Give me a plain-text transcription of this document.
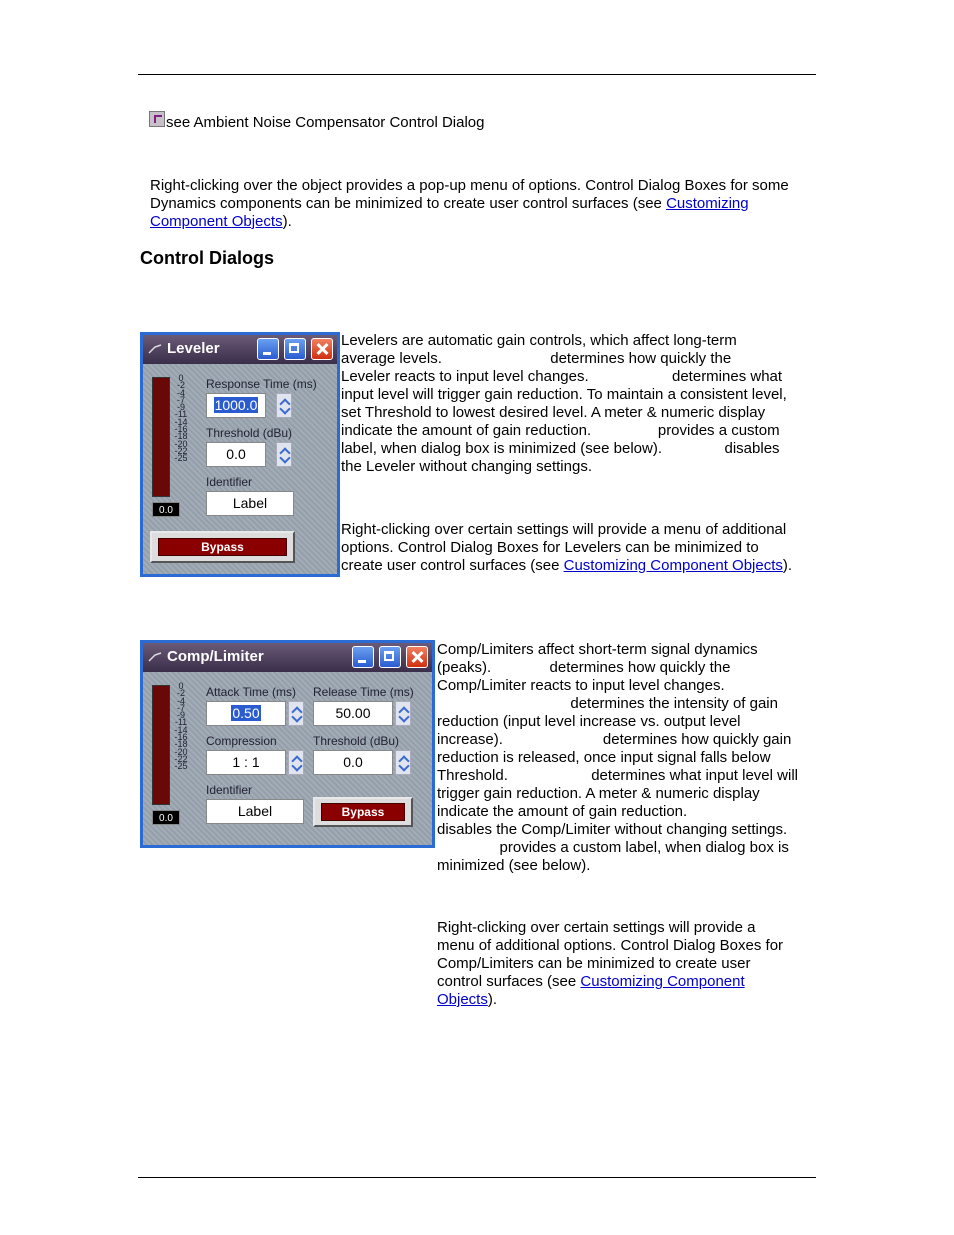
see Ambient Noise Compensator Control Dialog
Right-clicking over the object provides a pop-up menu of options. Control Dialog Boxes for some Dynamics components can be minimized to create user control surfaces (see Customizing Component Objects).
Control Dialogs
Leveler

0

-2

-4

-7

-9

-11

-14

-16

-18

-20

-22

-25

0.0
Response Time (ms)
1000.0
Threshold (dBu)
0.0
Identifier
Label
Bypass

Levelers are automatic gain controls, which affect long-term

average levels.                          determines how quickly the

Leveler reacts to input level changes.                    determines what

input level will trigger gain reduction. To maintain a consistent level,

set Threshold to lowest desired level. A meter & numeric display

indicate the amount of gain reduction.                provides a custom

label, when dialog box is minimized (see below).               disables

the Leveler without changing settings.

Right-clicking over certain settings will provide a menu of additional

options. Control Dialog Boxes for Levelers can be minimized to

create user control surfaces (see Customizing Component Objects).

Comp/Limiter

0

-2

-4

-7

-9

-11

-14

-16

-18

-20

-22

-25

0.0
Attack Time (ms)
0.50
Release Time (ms)
50.00
Compression
1 : 1
Threshold (dBu)
0.0
Identifier
Label	Bypass

Comp/Limiters affect short-term signal dynamics

(peaks).              determines how quickly the

Comp/Limiter reacts to input level changes.

determines the intensity of gain

reduction (input level increase vs. output level

increase).                        determines how quickly gain

reduction is released, once input signal falls below

Threshold.                    determines what input level will

trigger gain reduction. A meter & numeric display

indicate the amount of gain reduction.

disables the Comp/Limiter without changing settings.

provides a custom label, when dialog box is

minimized (see below).

Right-clicking over certain settings will provide a

menu of additional options. Control Dialog Boxes for

Comp/Limiters can be minimized to create user

control surfaces (see Customizing Component

Objects).
